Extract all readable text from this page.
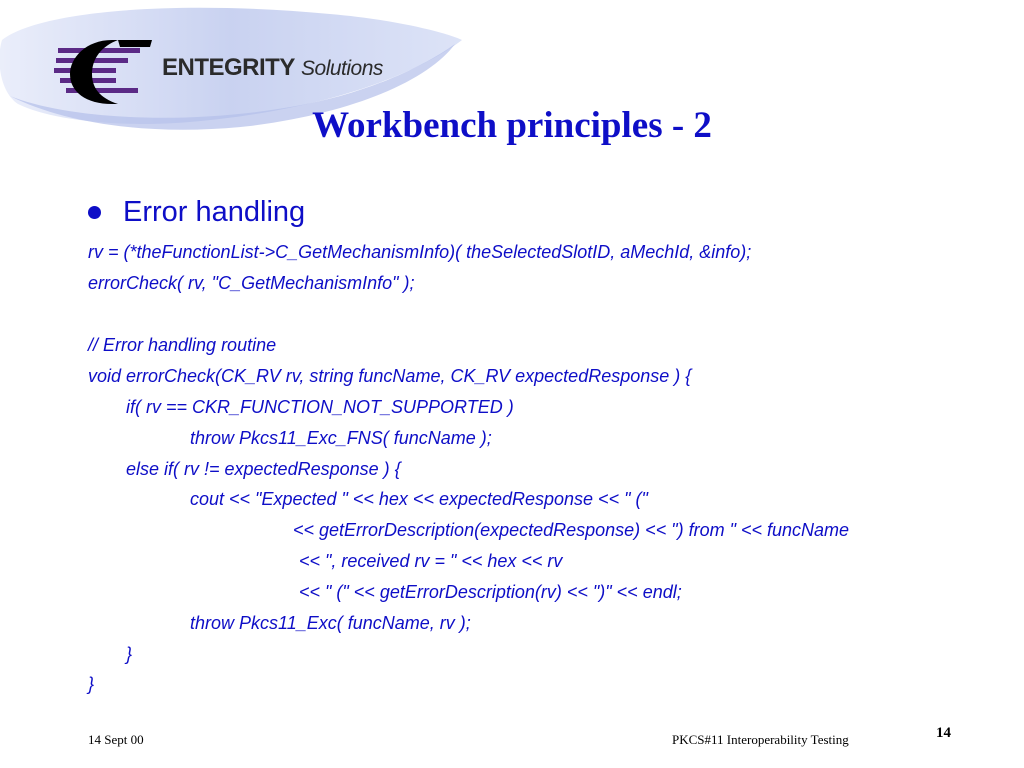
ENTEGRITY Solutions
Workbench principles - 2
Error handling
rv = (*theFunctionList->C_GetMechanismInfo)( theSelectedSlotID, aMechId, &info);
errorCheck( rv, "C_GetMechanismInfo" );
// Error handling routine
void errorCheck(CK_RV rv, string funcName, CK_RV expectedResponse ) {
if( rv == CKR_FUNCTION_NOT_SUPPORTED )
throw Pkcs11_Exc_FNS( funcName );
else if( rv != expectedResponse ) {
cout << "Expected " << hex << expectedResponse << " ("
<< getErrorDescription(expectedResponse) << ") from " << funcName
<< ", received rv = " << hex << rv
<< " (" << getErrorDescription(rv) << ")" << endl;
throw Pkcs11_Exc( funcName, rv );
}
}
14 Sept 00	PKCS#11 Interoperability Testing	14
